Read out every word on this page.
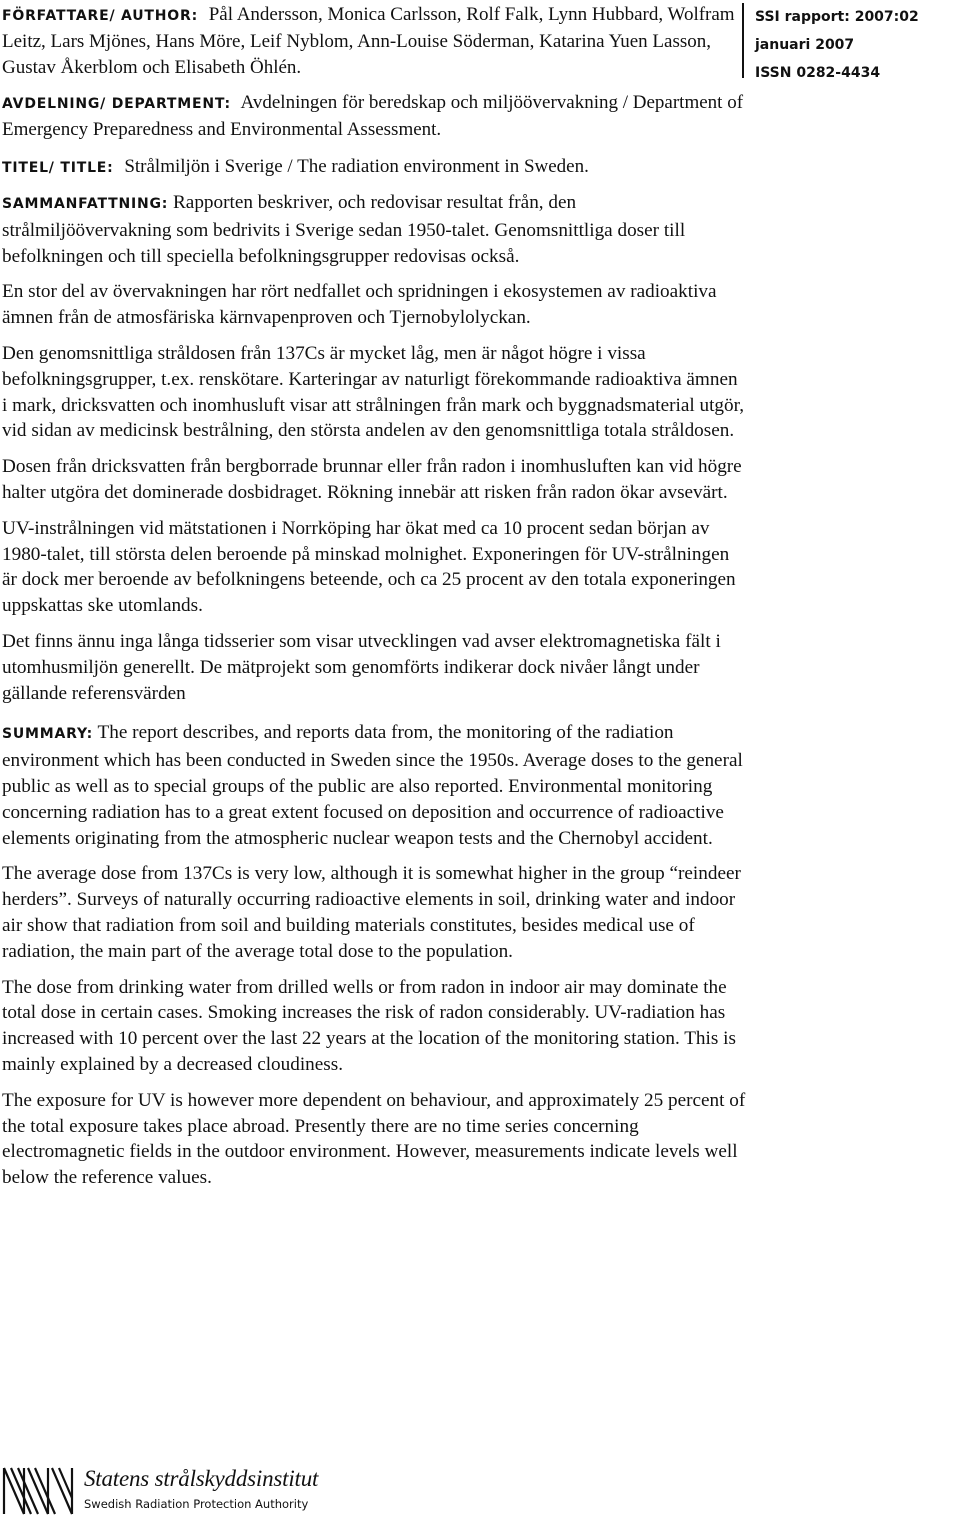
SSI rapport: 2007:02
januari 2007
ISSN 0282-4434
FÖRFATTARE/ AUTHOR: Pål Andersson, Monica Carlsson, Rolf Falk, Lynn Hubbard, Wolfram Leitz, Lars Mjönes, Hans Möre, Leif Nyblom, Ann-Louise Söderman, Katarina Yuen Lasson, Gustav Åkerblom och Elisabeth Öhlén.
AVDELNING/ DEPARTMENT: Avdelningen för beredskap och miljöövervakning / Department of Emergency Preparedness and Environmental Assessment.
TITEL/ TITLE: Strålmiljön i Sverige / The radiation environment in Sweden.

SAMMANFATTNING: Rapporten beskriver, och redovisar resultat från, den strålmiljöövervakning som bedrivits i Sverige sedan 1950-talet. Genomsnittliga doser till befolkningen och till speciella befolkningsgrupper redovisas också.

En stor del av övervakningen har rört nedfallet och spridningen i ekosystemen av radioaktiva ämnen från de atmosfäriska kärnvapenproven och Tjernobylolyckan.

Den genomsnittliga stråldosen från 137Cs är mycket låg, men är något högre i vissa befolkningsgrupper, t.ex. renskötare. Karteringar av naturligt förekommande radioaktiva ämnen i mark, dricksvatten och inomhusluft visar att strålningen från mark och byggnadsmaterial utgör, vid sidan av medicinsk bestrålning, den största andelen av den genomsnittliga totala stråldosen.

Dosen från dricksvatten från bergborrade brunnar eller från radon i inomhusluften kan vid högre halter utgöra det dominerade dosbidraget. Rökning innebär att risken från radon ökar avsevärt.

UV-instrålningen vid mätstationen i Norrköping har ökat med ca 10 procent sedan början av 1980-talet, till största delen beroende på minskad molnighet. Exponeringen för UV-strålningen är dock mer beroende av befolkningens beteende, och ca 25 procent av den totala exponeringen uppskattas ske utomlands.

Det finns ännu inga långa tidsserier som visar utvecklingen vad avser elektromagnetiska fält i utomhusmiljön generellt. De mätprojekt som genomförts indikerar dock nivåer långt under gällande referensvärden

SUMMARY: The report describes, and reports data from, the monitoring of the radiation environment which has been conducted in Sweden since the 1950s. Average doses to the general public as well as to special groups of the public are also reported. Environmental monitoring concerning radiation has to a great extent focused on deposition and occurrence of radioactive elements originating from the atmospheric nuclear weapon tests and the Chernobyl accident.

The average dose from 137Cs is very low, although it is somewhat higher in the group “reindeer herders”. Surveys of naturally occurring radioactive elements in soil, drinking water and indoor air show that radiation from soil and building materials constitutes, besides medical use of radiation, the main part of the average total dose to the population.

The dose from drinking water from drilled wells or from radon in indoor air may dominate the total dose in certain cases. Smoking increases the risk of radon considerably. UV-radiation has increased with 10 percent over the last 22 years at the location of the monitoring station. This is mainly explained by a decreased cloudiness.

The exposure for UV is however more dependent on behaviour, and approximately 25 percent of the total exposure takes place abroad. Presently there are no time series concerning electromagnetic fields in the outdoor environment. However, measurements indicate levels well below the reference values.

Statens strålskyddsinstitut
Swedish Radiation Protection Authority
